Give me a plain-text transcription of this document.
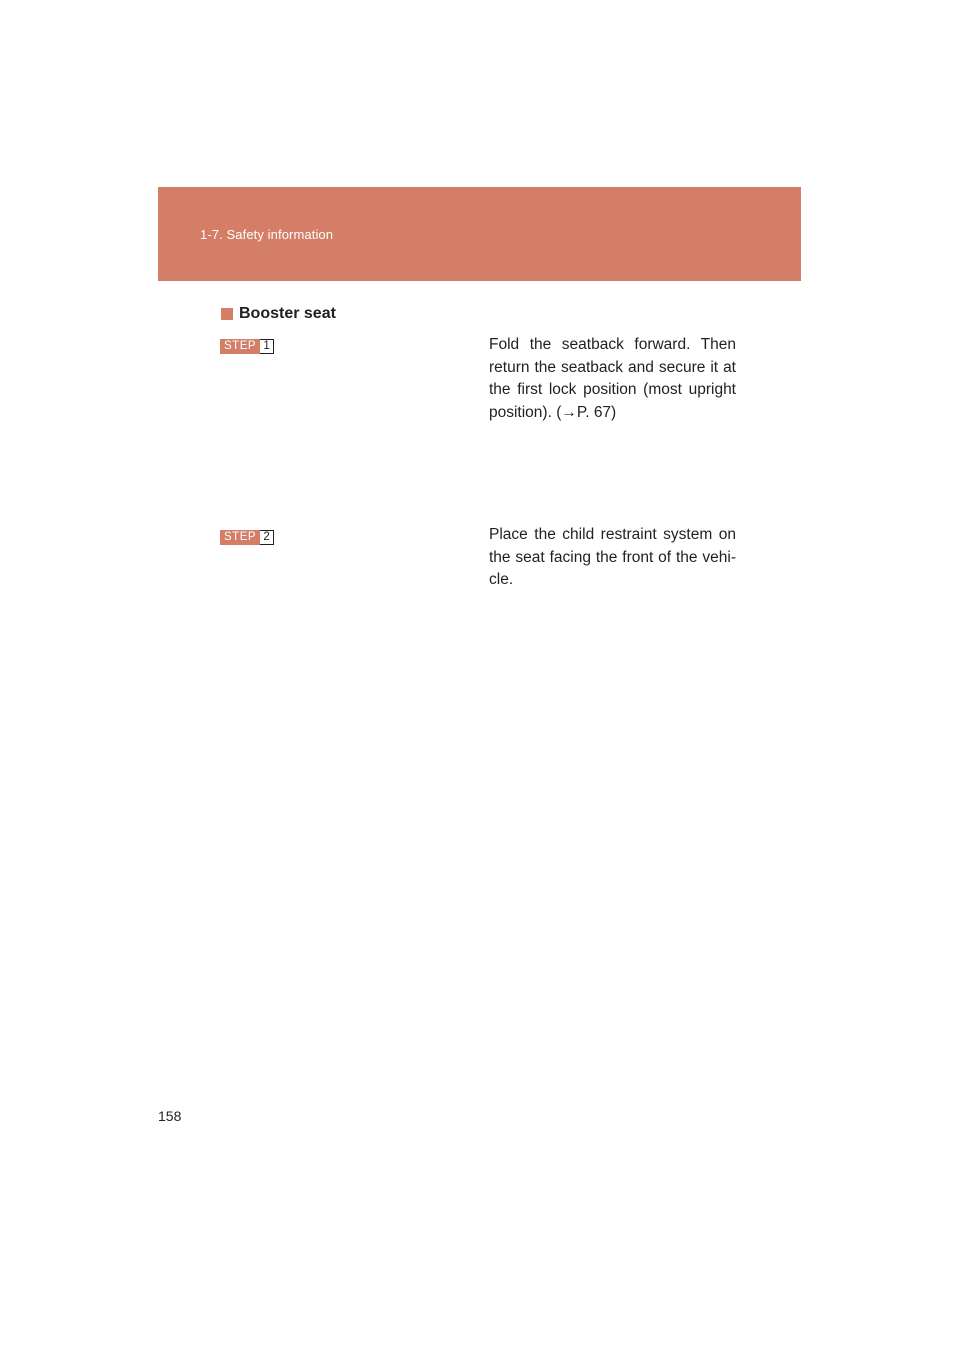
1-7. Safety information
Booster seat
STEP 1	Fold the seatback forward. Then return the seatback and secure it at the first lock position (most upright position). (→P. 67)
STEP 2	Place the child restraint system on the seat facing the front of the vehi-cle.
158
